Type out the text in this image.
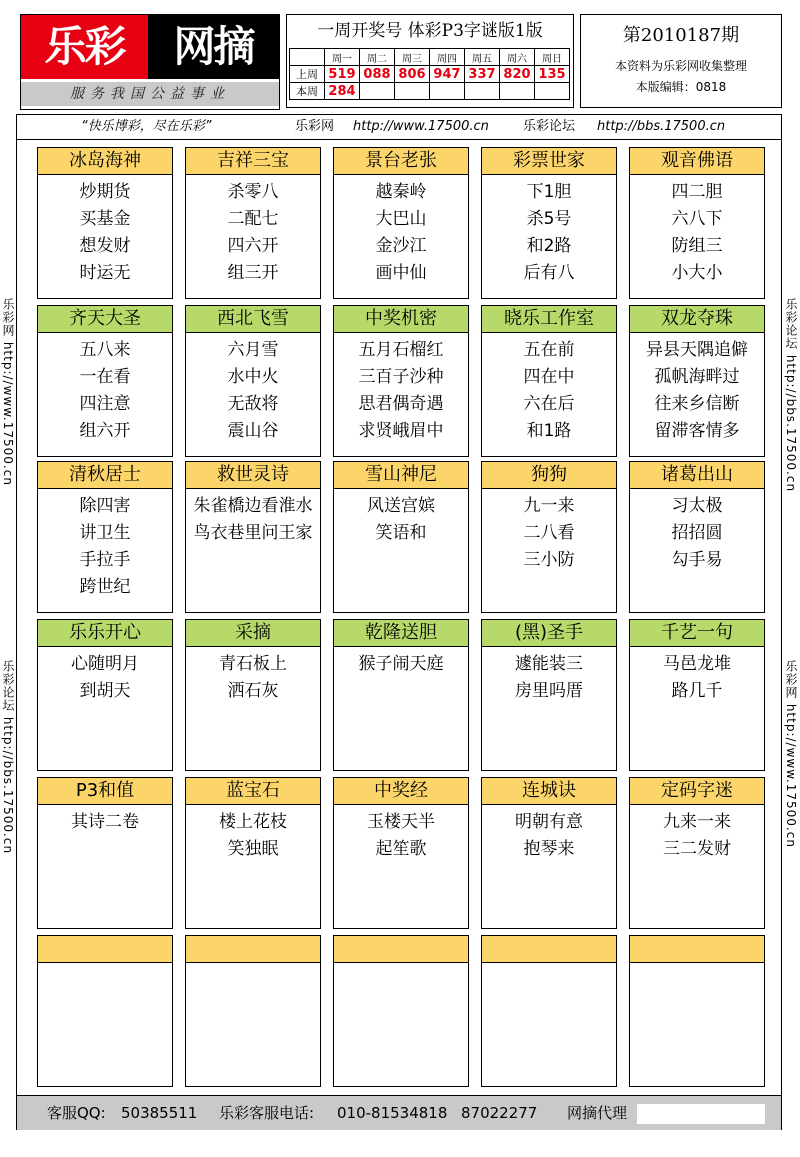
乐彩	网摘
服务我国公益事业
一周开奖号 体彩P3字谜版1版
	周一	周二	周三	周四	周五	周六	周日
上周	519	088	806	947	337	820	135
本周	284						
第2010187期
本资料为乐彩网收集整理
本版编辑：0818
乐彩网 http://www.17500.cn
乐彩论坛 http://bbs.17500.cn
乐彩论坛 http://bbs.17500.cn
乐彩网 http://www.17500.cn
“快乐博彩，尽在乐彩”	乐彩网 http://www.17500.cn	乐彩论坛 http://bbs.17500.cn
冰岛海神
炒期货
买基金
想发财
时运无
吉祥三宝
杀零八
二配七
四六开
组三开
景台老张
越秦岭
大巴山
金沙江
画中仙
彩票世家
下1胆
杀5号
和2路
后有八
观音佛语
四二胆
六八下
防组三
小大小
齐天大圣
五八来
一在看
四注意
组六开
西北飞雪
六月雪
水中火
无敌将
震山谷
中奖机密
五月石榴红
三百子沙种
思君偶奇遇
求贤峨眉中
晓乐工作室
五在前
四在中
六在后
和1路
双龙夺珠
异县天隅追僻
孤帆海畔过
往来乡信断
留滞客情多
清秋居士
除四害
讲卫生
手拉手
跨世纪
救世灵诗
朱雀橋边看淮水
鸟衣巷里问王家
雪山神尼
风送宫嫔
笑语和
狗狗
九一来
二八看
三小防
诸葛出山
习太极
招招圆
勾手易
乐乐开心
心随明月
到胡天
采摘
青石板上
洒石灰
乾隆送胆
猴子闹天庭
(黑)圣手
遽能装三
房里吗厝
千艺一句
马邑龙堆
路几千
P3和值
其诗二卷
蓝宝石
楼上花枝
笑独眠
中奖经
玉楼天半
起笙歌
连城诀
明朝有意
抱琴来
定码字迷
九来一来
三二发财
客服QQ: 50385511 乐彩客服电话: 010-81534818 87022277 网摘代理
